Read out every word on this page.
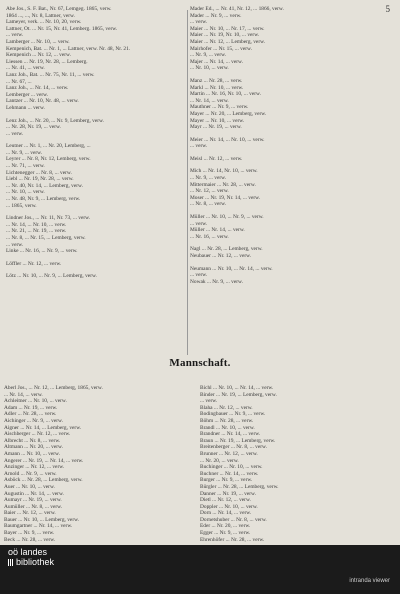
5
Abe Jos., S. F. Bat., Nr. 67, Lemgeg. 1865, verw.
1864 ..., ..., Nr. 8, Lattner, verw.
Lameyer, verk. ... Nr. 10, 20, verw.
Lattner, Ot. ... Nr. 15, Nr. 41, Lemberg. 1865, verw.
... verw.
Lamberger ... Nr. 10, ... verw.
Kempenich, Bat. ... Nr. 1, ... Lattner, verw. Nr. 48, Nr. 21.
Kempenich ... Nr. 12, ... verw.
Liessen ... Nr. 19, Nr. 28, ... Lemberg.
... Nr. 41, ... verw.
Lanz Joh., Bat. ... Nr. 75, Nr. 11, ... verw.
... Nr. 67, ...
Lanz Joh., ... Nr. 14, ... verw.
Lemberger ... verw.
Lantzer ... Nr. 10, Nr. 48, ... verw.
Lehmann ... verw.
Lenz Joh., ... Nr. 20, ... Nr. 9, Lemberg, verw.
... Nr. 28, Nr. 19, ... verw.
... verw.
Leutner ... Nr. 1, ... Nr. 20, Lemberg, ...
... Nr. 9, ... verw.
Leyrer ... Nr. 8, Nr. 12, Lemberg, verw.
... Nr. 71, ... verw.
Lichtenegger ... Nr. 8, ... verw.
Liebl ... Nr. 19, Nr. 28, ... verw.
... Nr. 40, Nr. 14, ... Lemberg, verw.
... Nr. 10, ... verw.
... Nr. 48, Nr. 9, ... Lemberg, verw.
... 1865, verw.
Lindner Jos., ... Nr. 11, Nr. 73, ... verw.
... Nr. 14, ... Nr. 10, ... verw.
... Nr. 21, ... Nr. 19, ... verw.
... Nr. 8, ... Nr. 15, ... Lemberg, verw.
... verw.
Linke ... Nr. 16, ... Nr. 9, ... verw.
Löffler ... Nr. 12, ... verw.
Lötz ... Nr. 10, ... Nr. 9, ... Lemberg, verw.
Mader Ed., ... Nr. 41, Nr. 12, ... 1866, verw.
Mader ... Nr. 9, ... verw.
... verw.
Maier ... Nr. 10, ... Nr. 17, ... verw.
Maier ... Nr. 19, Nr. 10, ... verw.
Maier ... Nr. 12, ... Lemberg, verw.
Mairhofer ... Nr. 15, ... verw.
... Nr. 9, ... verw.
Majer ... Nr. 14, ... verw.
... Nr. 10, ... verw.
Manz ... Nr. 28, ... verw.
Markl ... Nr. 10, ... verw.
Martin ... Nr. 16, Nr. 10, ... verw.
... Nr. 14, ... verw.
Mauthner ... Nr. 9, ... verw.
Mayer ... Nr. 20, ... Lemberg, verw.
Mayer ... Nr. 10, ... verw.
Mayr ... Nr. 19, ... verw.
Meier ... Nr. 14, ... Nr. 10, ... verw.
... verw.
Meisl ... Nr. 12, ... verw.
Mich ... Nr. 14, Nr. 10, ... verw.
... Nr. 9, ... verw.
Mittermaier ... Nr. 28, ... verw.
... Nr. 12, ... verw.
Moser ... Nr. 19, Nr. 14, ... verw.
... Nr. 8, ... verw.
Müller ... Nr. 10, ... Nr. 9, ... verw.
... verw.
Müller ... Nr. 14, ... verw.
... Nr. 16, ... verw.
Nagl ... Nr. 28, ... Lemberg, verw.
Neubauer ... Nr. 12, ... verw.
Neumann ... Nr. 10, ... Nr. 14, ... verw.
... verw.
Nowak ... Nr. 9, ... verw.
Mannschaft.
Aberl Jos., ... Nr. 12, ... Lemberg, 1865, verw.
... Nr. 14, ... verw.
Achleitner ... Nr. 10, ... verw.
Adam ... Nr. 19, ... verw.
Adler ... Nr. 28, ... verw.
Aichinger ... Nr. 9, ... verw.
Aigner ... Nr. 14, ... Lemberg, verw.
Aischberger ... Nr. 12, ... verw.
Albrecht ... Nr. 8, ... verw.
Altmann ... Nr. 20, ... verw.
Amann ... Nr. 10, ... verw.
Angerer ... Nr. 19, ... Nr. 14, ... verw.
Anzinger ... Nr. 12, ... verw.
Arnold ... Nr. 9, ... verw.
Asböck ... Nr. 28, ... Lemberg, verw.
Auer ... Nr. 10, ... verw.
Augustin ... Nr. 14, ... verw.
Aumayr ... Nr. 19, ... verw.
Aumüller ... Nr. 8, ... verw.
Baier ... Nr. 12, ... verw.
Bauer ... Nr. 10, ... Lemberg, verw.
Baumgartner ... Nr. 14, ... verw.
Bayer ... Nr. 9, ... verw.
Beck ... Nr. 28, ... verw.
Bichl ... Nr. 10, ... Nr. 14, ... verw.
Binder ... Nr. 19, ... Lemberg, verw.
... verw.
Blaha ... Nr. 12, ... verw.
Bodingbauer ... Nr. 9, ... verw.
Böhm ... Nr. 28, ... verw.
Brandl ... Nr. 10, ... verw.
Brandner ... Nr. 14, ... verw.
Braun ... Nr. 19, ... Lemberg, verw.
Breitenberger ... Nr. 8, ... verw.
Brunner ... Nr. 12, ... verw.
... Nr. 20, ... verw.
Buchinger ... Nr. 10, ... verw.
Buchner ... Nr. 14, ... verw.
Burger ... Nr. 9, ... verw.
Bürgler ... Nr. 28, ... Lemberg, verw.
Danner ... Nr. 19, ... verw.
Dietl ... Nr. 12, ... verw.
Doppler ... Nr. 10, ... verw.
Dorn ... Nr. 14, ... verw.
Dornetshuber ... Nr. 8, ... verw.
Eder ... Nr. 20, ... verw.
Egger ... Nr. 9, ... verw.
Ehrenhöfer ... Nr. 28, ... verw.
oö landes
bibliothek
intranda viewer
